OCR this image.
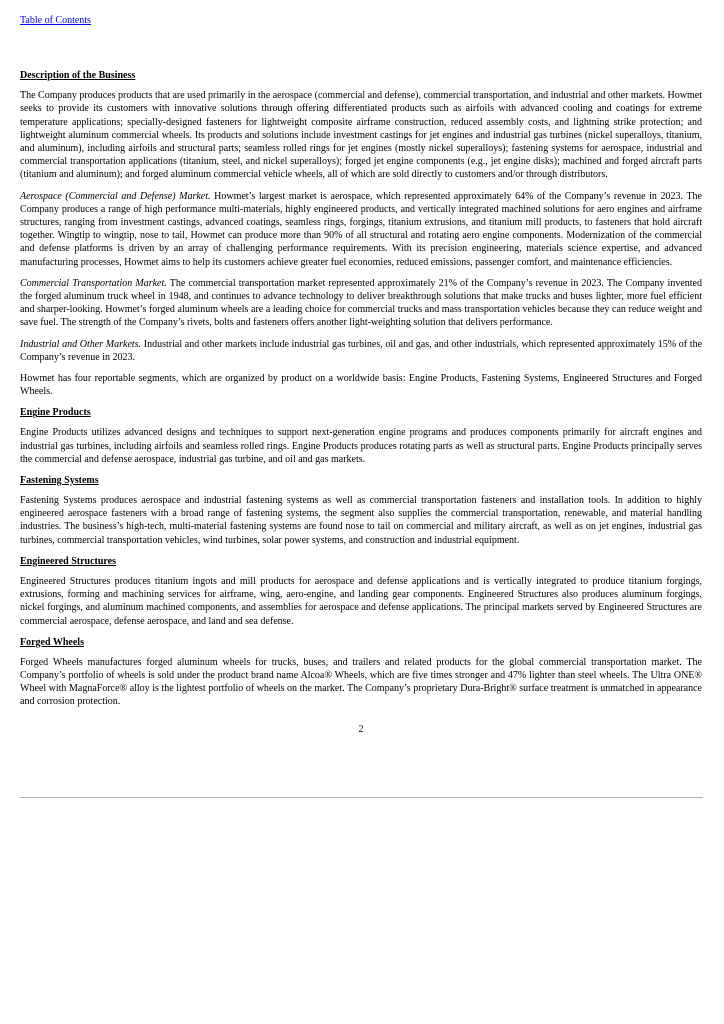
Table of Contents
Description of the Business

The Company produces products that are used primarily in the aerospace (commercial and defense), commercial transportation, and industrial and other markets. Howmet seeks to provide its customers with innovative solutions through offering differentiated products such as airfoils with advanced cooling and coatings for extreme temperature applications; specially-designed fasteners for lightweight composite airframe construction, reduced assembly costs, and lightning strike protection; and lightweight aluminum commercial wheels. Its products and solutions include investment castings for jet engines and industrial gas turbines (nickel superalloys, titanium, and aluminum), including airfoils and structural parts; seamless rolled rings for jet engines (mostly nickel superalloys); fastening systems for aerospace, industrial and commercial transportation applications (titanium, steel, and nickel superalloys); forged jet engine components (e.g., jet engine disks); machined and forged aircraft parts (titanium and aluminum); and forged aluminum commercial vehicle wheels, all of which are sold directly to customers and/or through distributors.

Aerospace (Commercial and Defense) Market. Howmet’s largest market is aerospace, which represented approximately 64% of the Company’s revenue in 2023. The Company produces a range of high performance multi-materials, highly engineered products, and vertically integrated machined solutions for aero engines and airframe structures, ranging from investment castings, advanced coatings, seamless rings, forgings, titanium extrusions, and titanium mill products, to fasteners that hold aircraft together. Wingtip to wingtip, nose to tail, Howmet can produce more than 90% of all structural and rotating aero engine components. Modernization of the commercial and defense platforms is driven by an array of challenging performance requirements. With its precision engineering, materials science expertise, and advanced manufacturing processes, Howmet aims to help its customers achieve greater fuel economies, reduced emissions, passenger comfort, and maintenance efficiencies.

Commercial Transportation Market. The commercial transportation market represented approximately 21% of the Company’s revenue in 2023. The Company invented the forged aluminum truck wheel in 1948, and continues to advance technology to deliver breakthrough solutions that make trucks and buses lighter, more fuel efficient and sharper-looking. Howmet’s forged aluminum wheels are a leading choice for commercial trucks and mass transportation vehicles because they can reduce weight and save fuel. The strength of the Company’s rivets, bolts and fasteners offers another light-weighting solution that delivers performance.

Industrial and Other Markets. Industrial and other markets include industrial gas turbines, oil and gas, and other industrials, which represented approximately 15% of the Company’s revenue in 2023.

Howmet has four reportable segments, which are organized by product on a worldwide basis: Engine Products, Fastening Systems, Engineered Structures and Forged Wheels.

Engine Products

Engine Products utilizes advanced designs and techniques to support next-generation engine programs and produces components primarily for aircraft engines and industrial gas turbines, including airfoils and seamless rolled rings. Engine Products produces rotating parts as well as structural parts. Engine Products principally serves the commercial and defense aerospace, industrial gas turbine, and oil and gas markets.

Fastening Systems

Fastening Systems produces aerospace and industrial fastening systems as well as commercial transportation fasteners and installation tools. In addition to highly engineered aerospace fasteners with a broad range of fastening systems, the segment also supplies the commercial transportation, renewable, and material handling industries. The business’s high-tech, multi-material fastening systems are found nose to tail on commercial and military aircraft, as well as on jet engines, industrial gas turbines, commercial transportation vehicles, wind turbines, solar power systems, and construction and industrial equipment.

Engineered Structures

Engineered Structures produces titanium ingots and mill products for aerospace and defense applications and is vertically integrated to produce titanium forgings, extrusions, forming and machining services for airframe, wing, aero-engine, and landing gear components. Engineered Structures also produces aluminum forgings, nickel forgings, and aluminum machined components, and assemblies for aerospace and defense applications. The principal markets served by Engineered Structures are commercial aerospace, defense aerospace, and land and sea defense.

Forged Wheels

Forged Wheels manufactures forged aluminum wheels for trucks, buses, and trailers and related products for the global commercial transportation market. The Company’s portfolio of wheels is sold under the product brand name Alcoa® Wheels, which are five times stronger and 47% lighter than steel wheels. The Ultra ONE® Wheel with MagnaForce® alloy is the lightest portfolio of wheels on the market. The Company’s proprietary Dura-Bright® surface treatment is unmatched in appearance and corrosion protection.

2
